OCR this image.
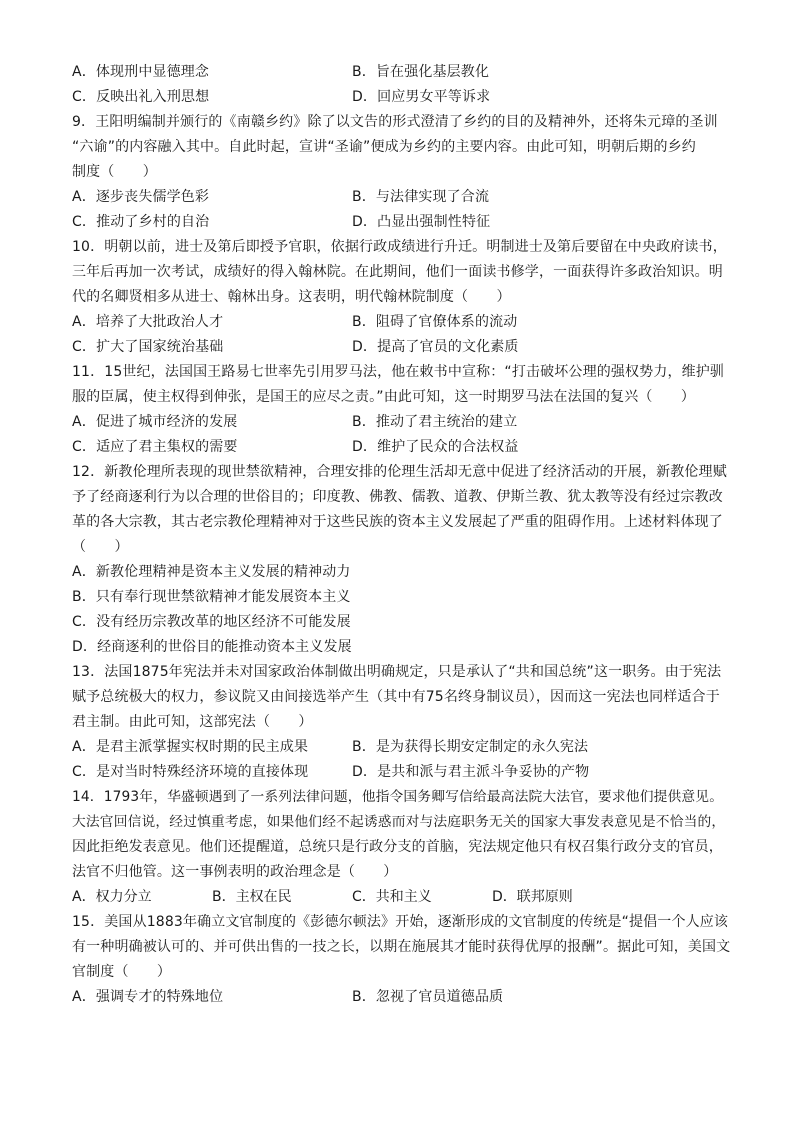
A．体现刑中显德理念	B．旨在强化基层教化
C．反映出礼入刑思想	D．回应男女平等诉求
9．王阳明编制并颁行的《南赣乡约》除了以文告的形式澄清了乡约的目的及精神外，还将朱元璋的圣训
“六谕”的内容融入其中。自此时起，宣讲“圣谕”便成为乡约的主要内容。由此可知，明朝后期的乡约
制度（　　）
A．逐步丧失儒学色彩	B．与法律实现了合流
C．推动了乡村的自治	D．凸显出强制性特征
10．明朝以前，进士及第后即授予官职，依据行政成绩进行升迁。明制进士及第后要留在中央政府读书，
三年后再加一次考试，成绩好的得入翰林院。在此期间，他们一面读书修学，一面获得许多政治知识。明
代的名卿贤相多从进士、翰林出身。这表明，明代翰林院制度（　　）
A．培养了大批政治人才	B．阻碍了官僚体系的流动
C．扩大了国家统治基础	D．提高了官员的文化素质
11．15世纪，法国国王路易七世率先引用罗马法，他在敕书中宣称：“打击破坏公理的强权势力，维护驯
服的臣属，使主权得到伸张，是国王的应尽之责。”由此可知，这一时期罗马法在法国的复兴（　　）
A．促进了城市经济的发展	B．推动了君主统治的建立
C．适应了君主集权的需要	D．维护了民众的合法权益
12．新教伦理所表现的现世禁欲精神，合理安排的伦理生活却无意中促进了经济活动的开展，新教伦理赋
予了经商逐利行为以合理的世俗目的；印度教、佛教、儒教、道教、伊斯兰教、犹太教等没有经过宗教改
革的各大宗教，其古老宗教伦理精神对于这些民族的资本主义发展起了严重的阻碍作用。上述材料体现了
（　　）
A．新教伦理精神是资本主义发展的精神动力
B．只有奉行现世禁欲精神才能发展资本主义
C．没有经历宗教改革的地区经济不可能发展
D．经商逐利的世俗目的能推动资本主义发展
13．法国1875年宪法并未对国家政治体制做出明确规定，只是承认了“共和国总统”这一职务。由于宪法
赋予总统极大的权力，参议院又由间接选举产生（其中有75名终身制议员），因而这一宪法也同样适合于
君主制。由此可知，这部宪法（　　）
A．是君主派掌握实权时期的民主成果	B．是为获得长期安定制定的永久宪法
C．是对当时特殊经济环境的直接体现	D．是共和派与君主派斗争妥协的产物
14．1793年，华盛顿遇到了一系列法律问题，他指令国务卿写信给最高法院大法官，要求他们提供意见。
大法官回信说，经过慎重考虑，如果他们经不起诱惑而对与法庭职务无关的国家大事发表意见是不恰当的，
因此拒绝发表意见。他们还提醒道，总统只是行政分支的首脑，宪法规定他只有权召集行政分支的官员，
法官不归他管。这一事例表明的政治理念是（　　）
A．权力分立	B．主权在民	C．共和主义	D．联邦原则
15．美国从1883年确立文官制度的《彭德尔顿法》开始，逐渐形成的文官制度的传统是“提倡一个人应该
有一种明确被认可的、并可供出售的一技之长，以期在施展其才能时获得优厚的报酬”。据此可知，美国文
官制度（　　）
A．强调专才的特殊地位	B．忽视了官员道德品质
